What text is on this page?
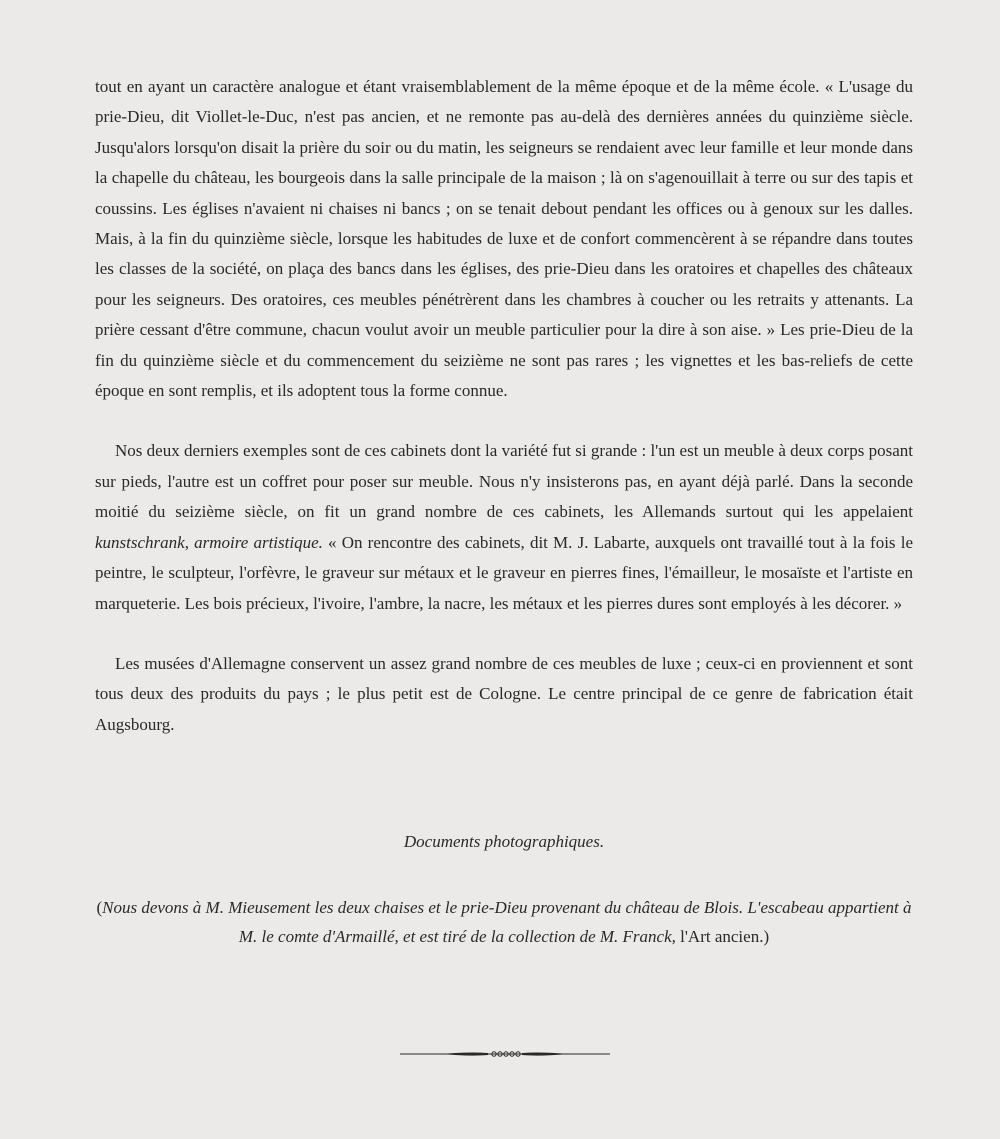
tout en ayant un caractère analogue et étant vraisemblablement de la même époque et de la même école. « L'usage du prie-Dieu, dit Viollet-le-Duc, n'est pas ancien, et ne remonte pas au-delà des dernières années du quinzième siècle. Jusqu'alors lorsqu'on disait la prière du soir ou du matin, les seigneurs se rendaient avec leur famille et leur monde dans la chapelle du château, les bourgeois dans la salle principale de la maison ; là on s'agenouillait à terre ou sur des tapis et coussins. Les églises n'avaient ni chaises ni bancs ; on se tenait debout pendant les offices ou à genoux sur les dalles. Mais, à la fin du quinzième siècle, lorsque les habitudes de luxe et de confort commencèrent à se répandre dans toutes les classes de la société, on plaça des bancs dans les églises, des prie-Dieu dans les oratoires et chapelles des châteaux pour les seigneurs. Des oratoires, ces meubles pénétrèrent dans les chambres à coucher ou les retraits y attenants. La prière cessant d'être commune, chacun voulut avoir un meuble particulier pour la dire à son aise. » Les prie-Dieu de la fin du quinzième siècle et du commencement du seizième ne sont pas rares ; les vignettes et les bas-reliefs de cette époque en sont remplis, et ils adoptent tous la forme connue.

Nos deux derniers exemples sont de ces cabinets dont la variété fut si grande : l'un est un meuble à deux corps posant sur pieds, l'autre est un coffret pour poser sur meuble. Nous n'y insisterons pas, en ayant déjà parlé. Dans la seconde moitié du seizième siècle, on fit un grand nombre de ces cabinets, les Allemands surtout qui les appelaient kunstschrank, armoire artistique. « On rencontre des cabinets, dit M. J. Labarte, auxquels ont travaillé tout à la fois le peintre, le sculpteur, l'orfèvre, le graveur sur métaux et le graveur en pierres fines, l'émailleur, le mosaïste et l'artiste en marqueterie. Les bois précieux, l'ivoire, l'ambre, la nacre, les métaux et les pierres dures sont employés à les décorer. »

Les musées d'Allemagne conservent un assez grand nombre de ces meubles de luxe ; ceux-ci en proviennent et sont tous deux des produits du pays ; le plus petit est de Cologne. Le centre principal de ce genre de fabrication était Augsbourg.

Documents photographiques.
(Nous devons à M. Mieusement les deux chaises et le prie-Dieu provenant du château de Blois. L'escabeau appartient à M. le comte d'Armaillé, et est tiré de la collection de M. Franck, l'Art ancien.)
